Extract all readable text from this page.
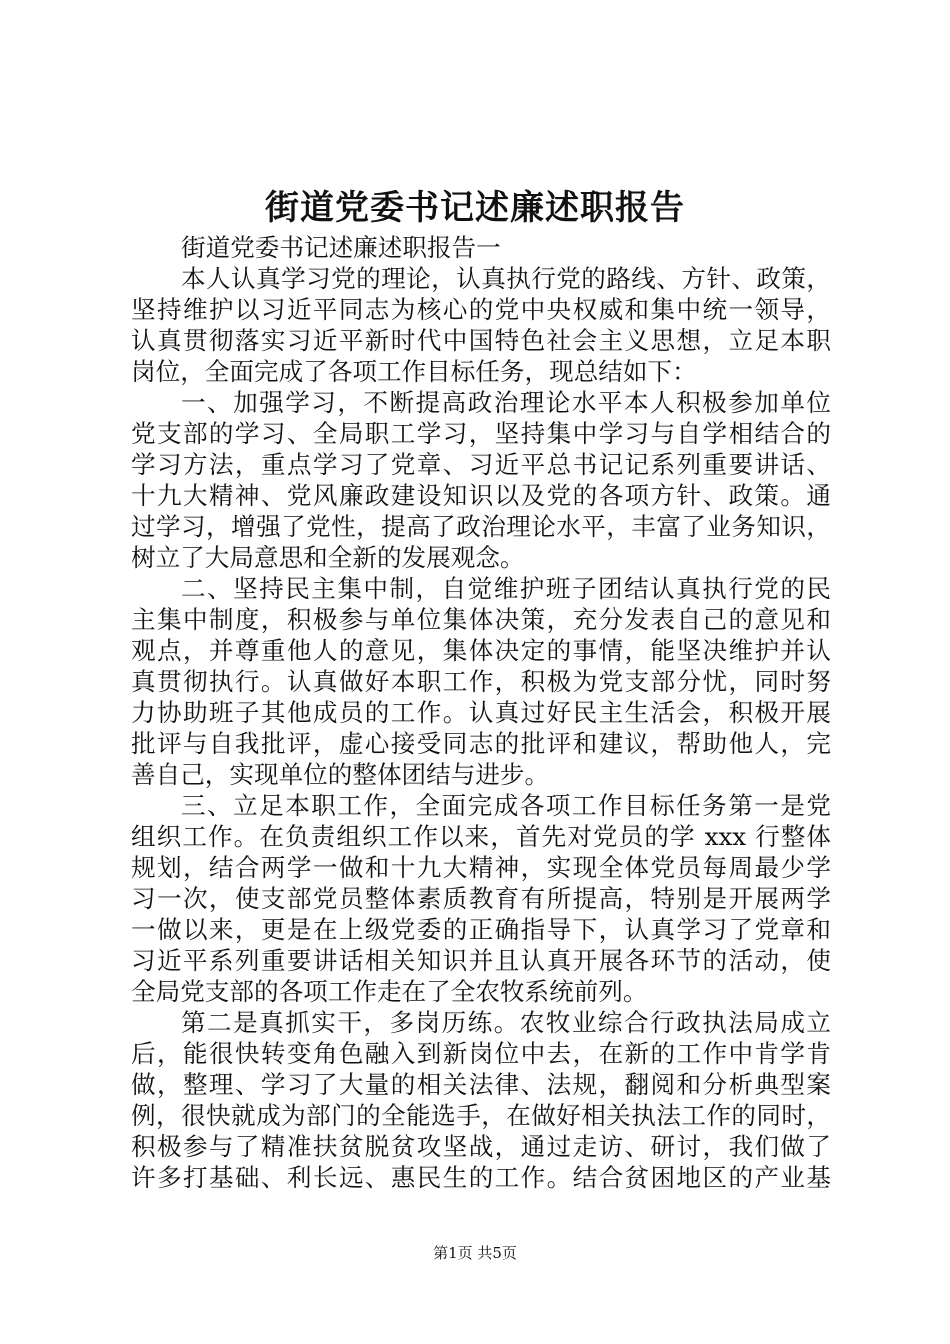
街道党委书记述廉述职报告
街道党委书记述廉述职报告一
本人认真学习党的理论，认真执行党的路线、方针、政策，
坚持维护以习近平同志为核心的党中央权威和集中统一领导，
认真贯彻落实习近平新时代中国特色社会主义思想，立足本职
岗位，全面完成了各项工作目标任务，现总结如下：
一、加强学习，不断提高政治理论水平本人积极参加单位
党支部的学习、全局职工学习，坚持集中学习与自学相结合的
学习方法，重点学习了党章、习近平总书记记系列重要讲话、
十九大精神、党风廉政建设知识以及党的各项方针、政策。通
过学习，增强了党性，提高了政治理论水平，丰富了业务知识，
树立了大局意思和全新的发展观念。
二、坚持民主集中制，自觉维护班子团结认真执行党的民
主集中制度，积极参与单位集体决策，充分发表自己的意见和
观点，并尊重他人的意见，集体决定的事情，能坚决维护并认
真贯彻执行。认真做好本职工作，积极为党支部分忧，同时努
力协助班子其他成员的工作。认真过好民主生活会，积极开展
批评与自我批评，虚心接受同志的批评和建议，帮助他人，完
善自己，实现单位的整体团结与进步。
三、立足本职工作，全面完成各项工作目标任务第一是党
组织工作。在负责组织工作以来，首先对党员的学 xxx 行整体
规划，结合两学一做和十九大精神，实现全体党员每周最少学
习一次，使支部党员整体素质教育有所提高，特别是开展两学
一做以来，更是在上级党委的正确指导下，认真学习了党章和
习近平系列重要讲话相关知识并且认真开展各环节的活动，使
全局党支部的各项工作走在了全农牧系统前列。
第二是真抓实干，多岗历练。农牧业综合行政执法局成立
后，能很快转变角色融入到新岗位中去，在新的工作中肯学肯
做，整理、学习了大量的相关法律、法规，翻阅和分析典型案
例，很快就成为部门的全能选手，在做好相关执法工作的同时，
积极参与了精准扶贫脱贫攻坚战，通过走访、研讨，我们做了
许多打基础、利长远、惠民生的工作。结合贫困地区的产业基
第1页 共5页
